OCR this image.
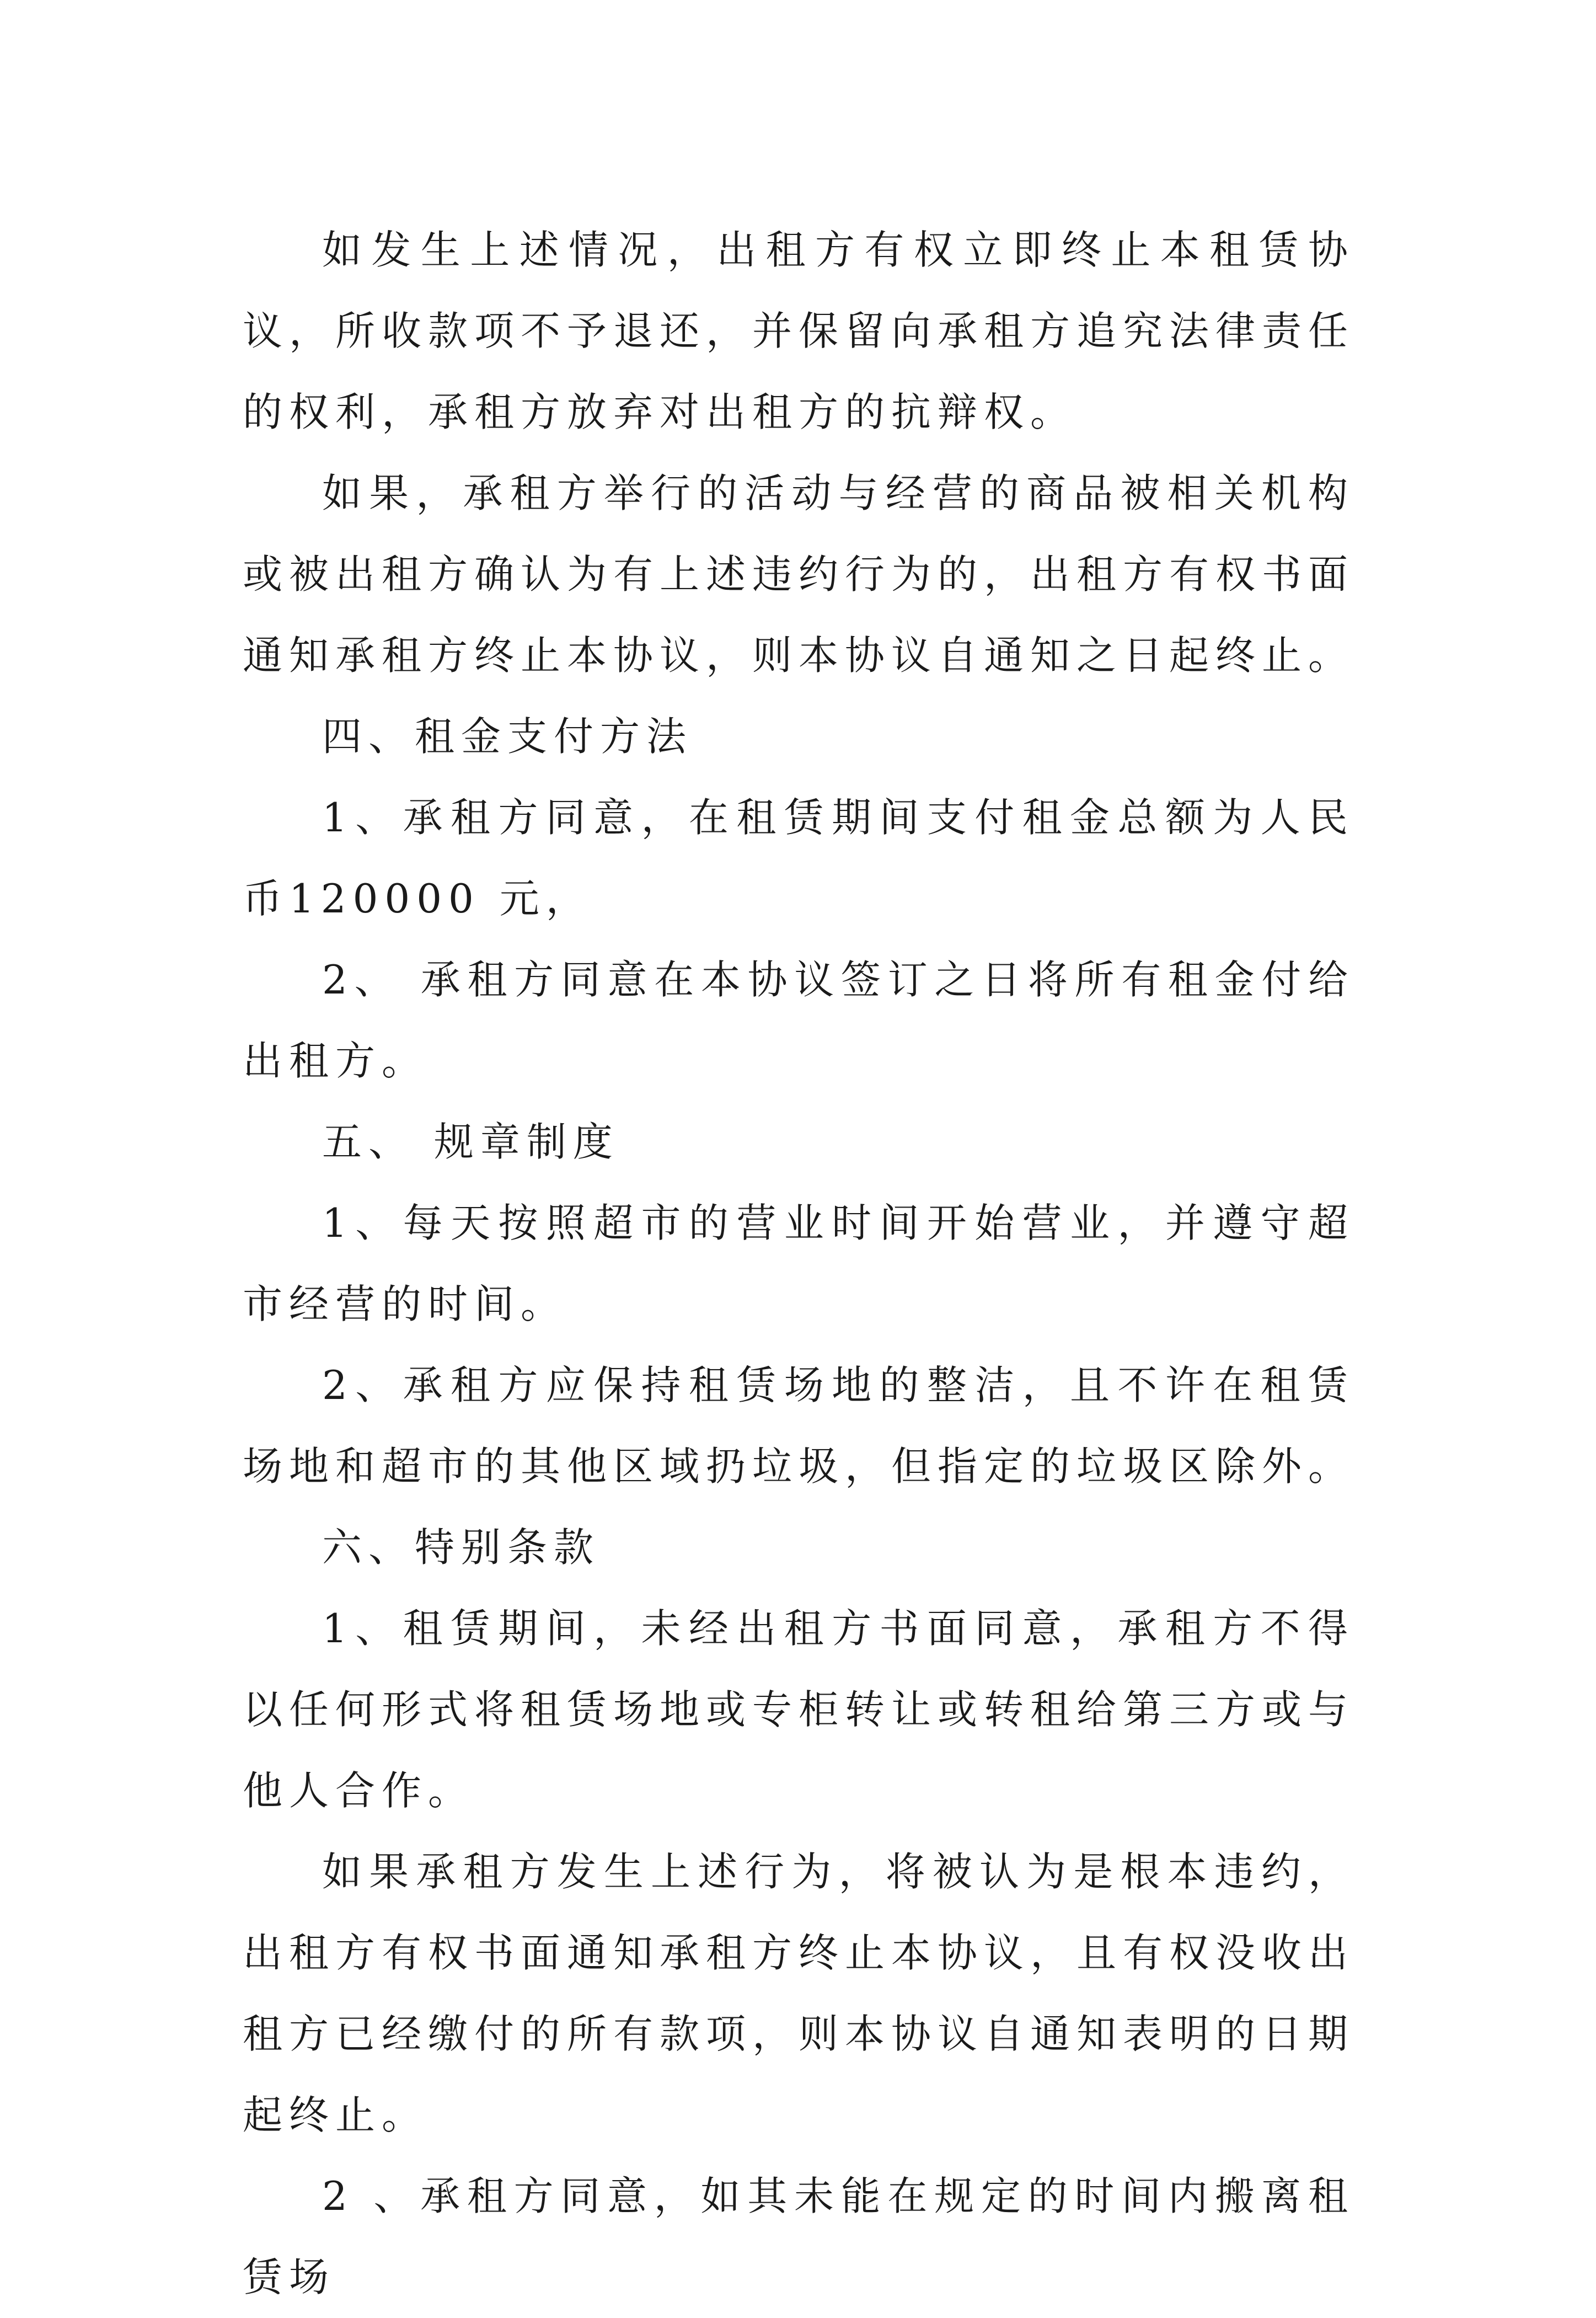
如发生上述情况，出租方有权立即终止本租赁协议，所收款项不予退还，并保留向承租方追究法律责任的权利，承租方放弃对出租方的抗辩权。

如果，承租方举行的活动与经营的商品被相关机构或被出租方确认为有上述违约行为的，出租方有权书面通知承租方终止本协议，则本协议自通知之日起终止。

四、租金支付方法

1、承租方同意，在租赁期间支付租金总额为人民币120000 元，

2、 承租方同意在本协议签订之日将所有租金付给出租方。

五、 规章制度

1、每天按照超市的营业时间开始营业，并遵守超市经营的时间。

2、承租方应保持租赁场地的整洁，且不许在租赁场地和超市的其他区域扔垃圾，但指定的垃圾区除外。

六、特别条款

1、租赁期间，未经出租方书面同意，承租方不得以任何形式将租赁场地或专柜转让或转租给第三方或与他人合作。

如果承租方发生上述行为，将被认为是根本违约，出租方有权书面通知承租方终止本协议，且有权没收出租方已经缴付的所有款项，则本协议自通知表明的日期起终止。

2 、承租方同意，如其未能在规定的时间内搬离租赁场
